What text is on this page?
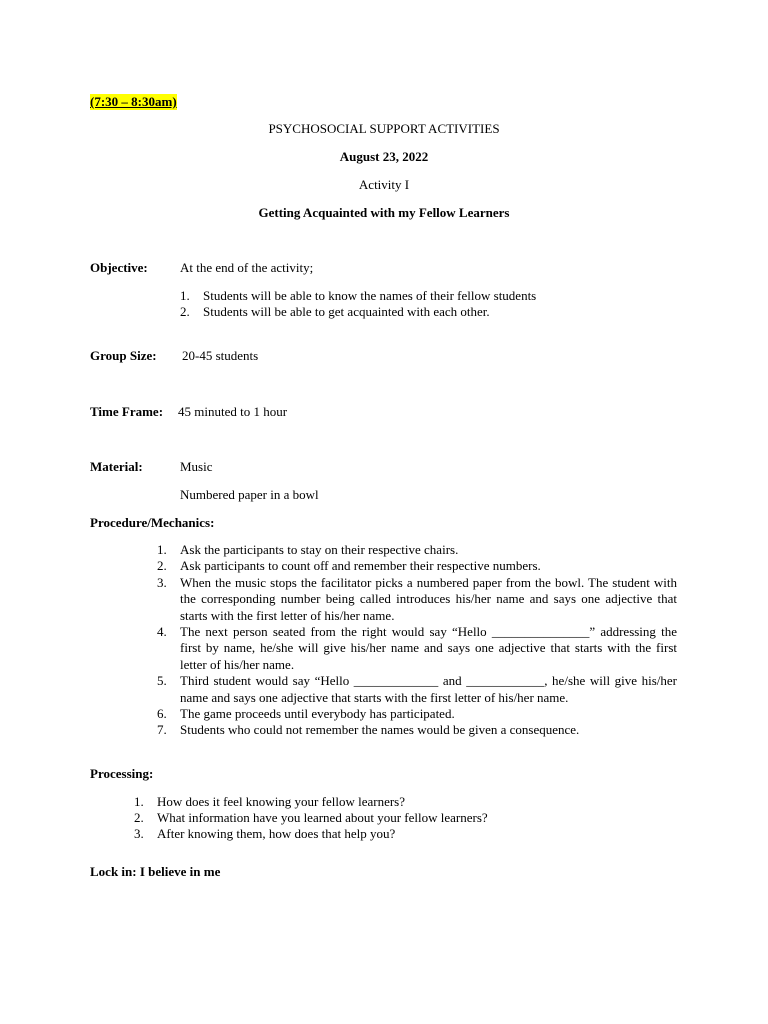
(7:30 – 8:30am)
PSYCHOSOCIAL SUPPORT ACTIVITIES
August 23, 2022
Activity I
Getting Acquainted with my Fellow Learners
Objective: At the end of the activity;
1. Students will be able to know the names of their fellow students
2. Students will be able to get acquainted with each other.
Group Size: 20-45 students
Time Frame: 45 minuted to 1 hour
Material:	Music
Numbered paper in a bowl
Procedure/Mechanics:
1. Ask the participants to stay on their respective chairs.
2. Ask participants to count off and remember their respective numbers.
3. When the music stops the facilitator picks a numbered paper from the bowl. The student with the corresponding number being called introduces his/her name and says one adjective that starts with the first letter of his/her name.
4. The next person seated from the right would say “Hello _______________” addressing the first by name, he/she will give his/her name and says one adjective that starts with the first letter of his/her name.
5. Third student would say “Hello _____________ and ____________, he/she will give his/her name and says one adjective that starts with the first letter of his/her name.
6. The game proceeds until everybody has participated.
7. Students who could not remember the names would be given a consequence.
Processing:
1. How does it feel knowing your fellow learners?
2. What information have you learned about your fellow learners?
3. After knowing them, how does that help you?
Lock in: I believe in me
